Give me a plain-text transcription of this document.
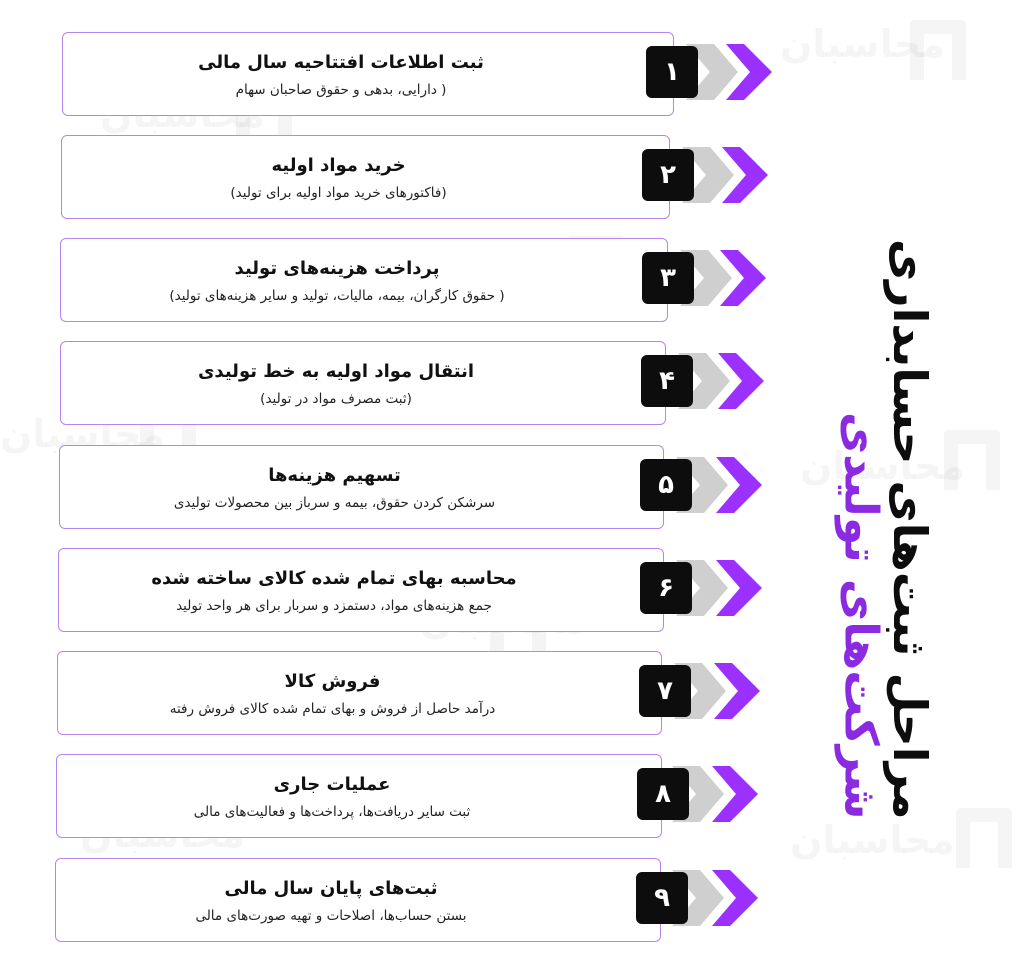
ثبت اطلاعات افتتاحیه سال مالی
( دارایی، بدهی و حقوق صاحبان سهام
۱
خرید مواد اولیه
(فاکتورهای خرید مواد اولیه برای تولید)
۲
پرداخت هزینه‌های تولید
( حقوق کارگران، بیمه، مالیات، تولید و سایر هزینه‌های تولید)
۳
انتقال مواد اولیه به خط تولیدی
(ثبت مصرف مواد در تولید)
۴
تسهیم هزینه‌ها
سرشکن کردن حقوق، بیمه و سرباز بین محصولات تولیدی
۵
محاسبه بهای تمام شده کالای ساخته شده
جمع هزینه‌های مواد، دستمزد و سربار برای هر واحد تولید
۶
فروش کالا
درآمد حاصل از فروش و بهای تمام شده کالای فروش رفته
۷
عملیات جاری
ثبت سایر دریافت‌ها، پرداخت‌ها و فعالیت‌های مالی
۸
ثبت‌های پایان سال مالی
بستن حساب‌ها، اصلاحات و تهیه صورت‌های مالی
۹
مراحل ثبت‌های حسابداری
شرکت‌های تولیدی
